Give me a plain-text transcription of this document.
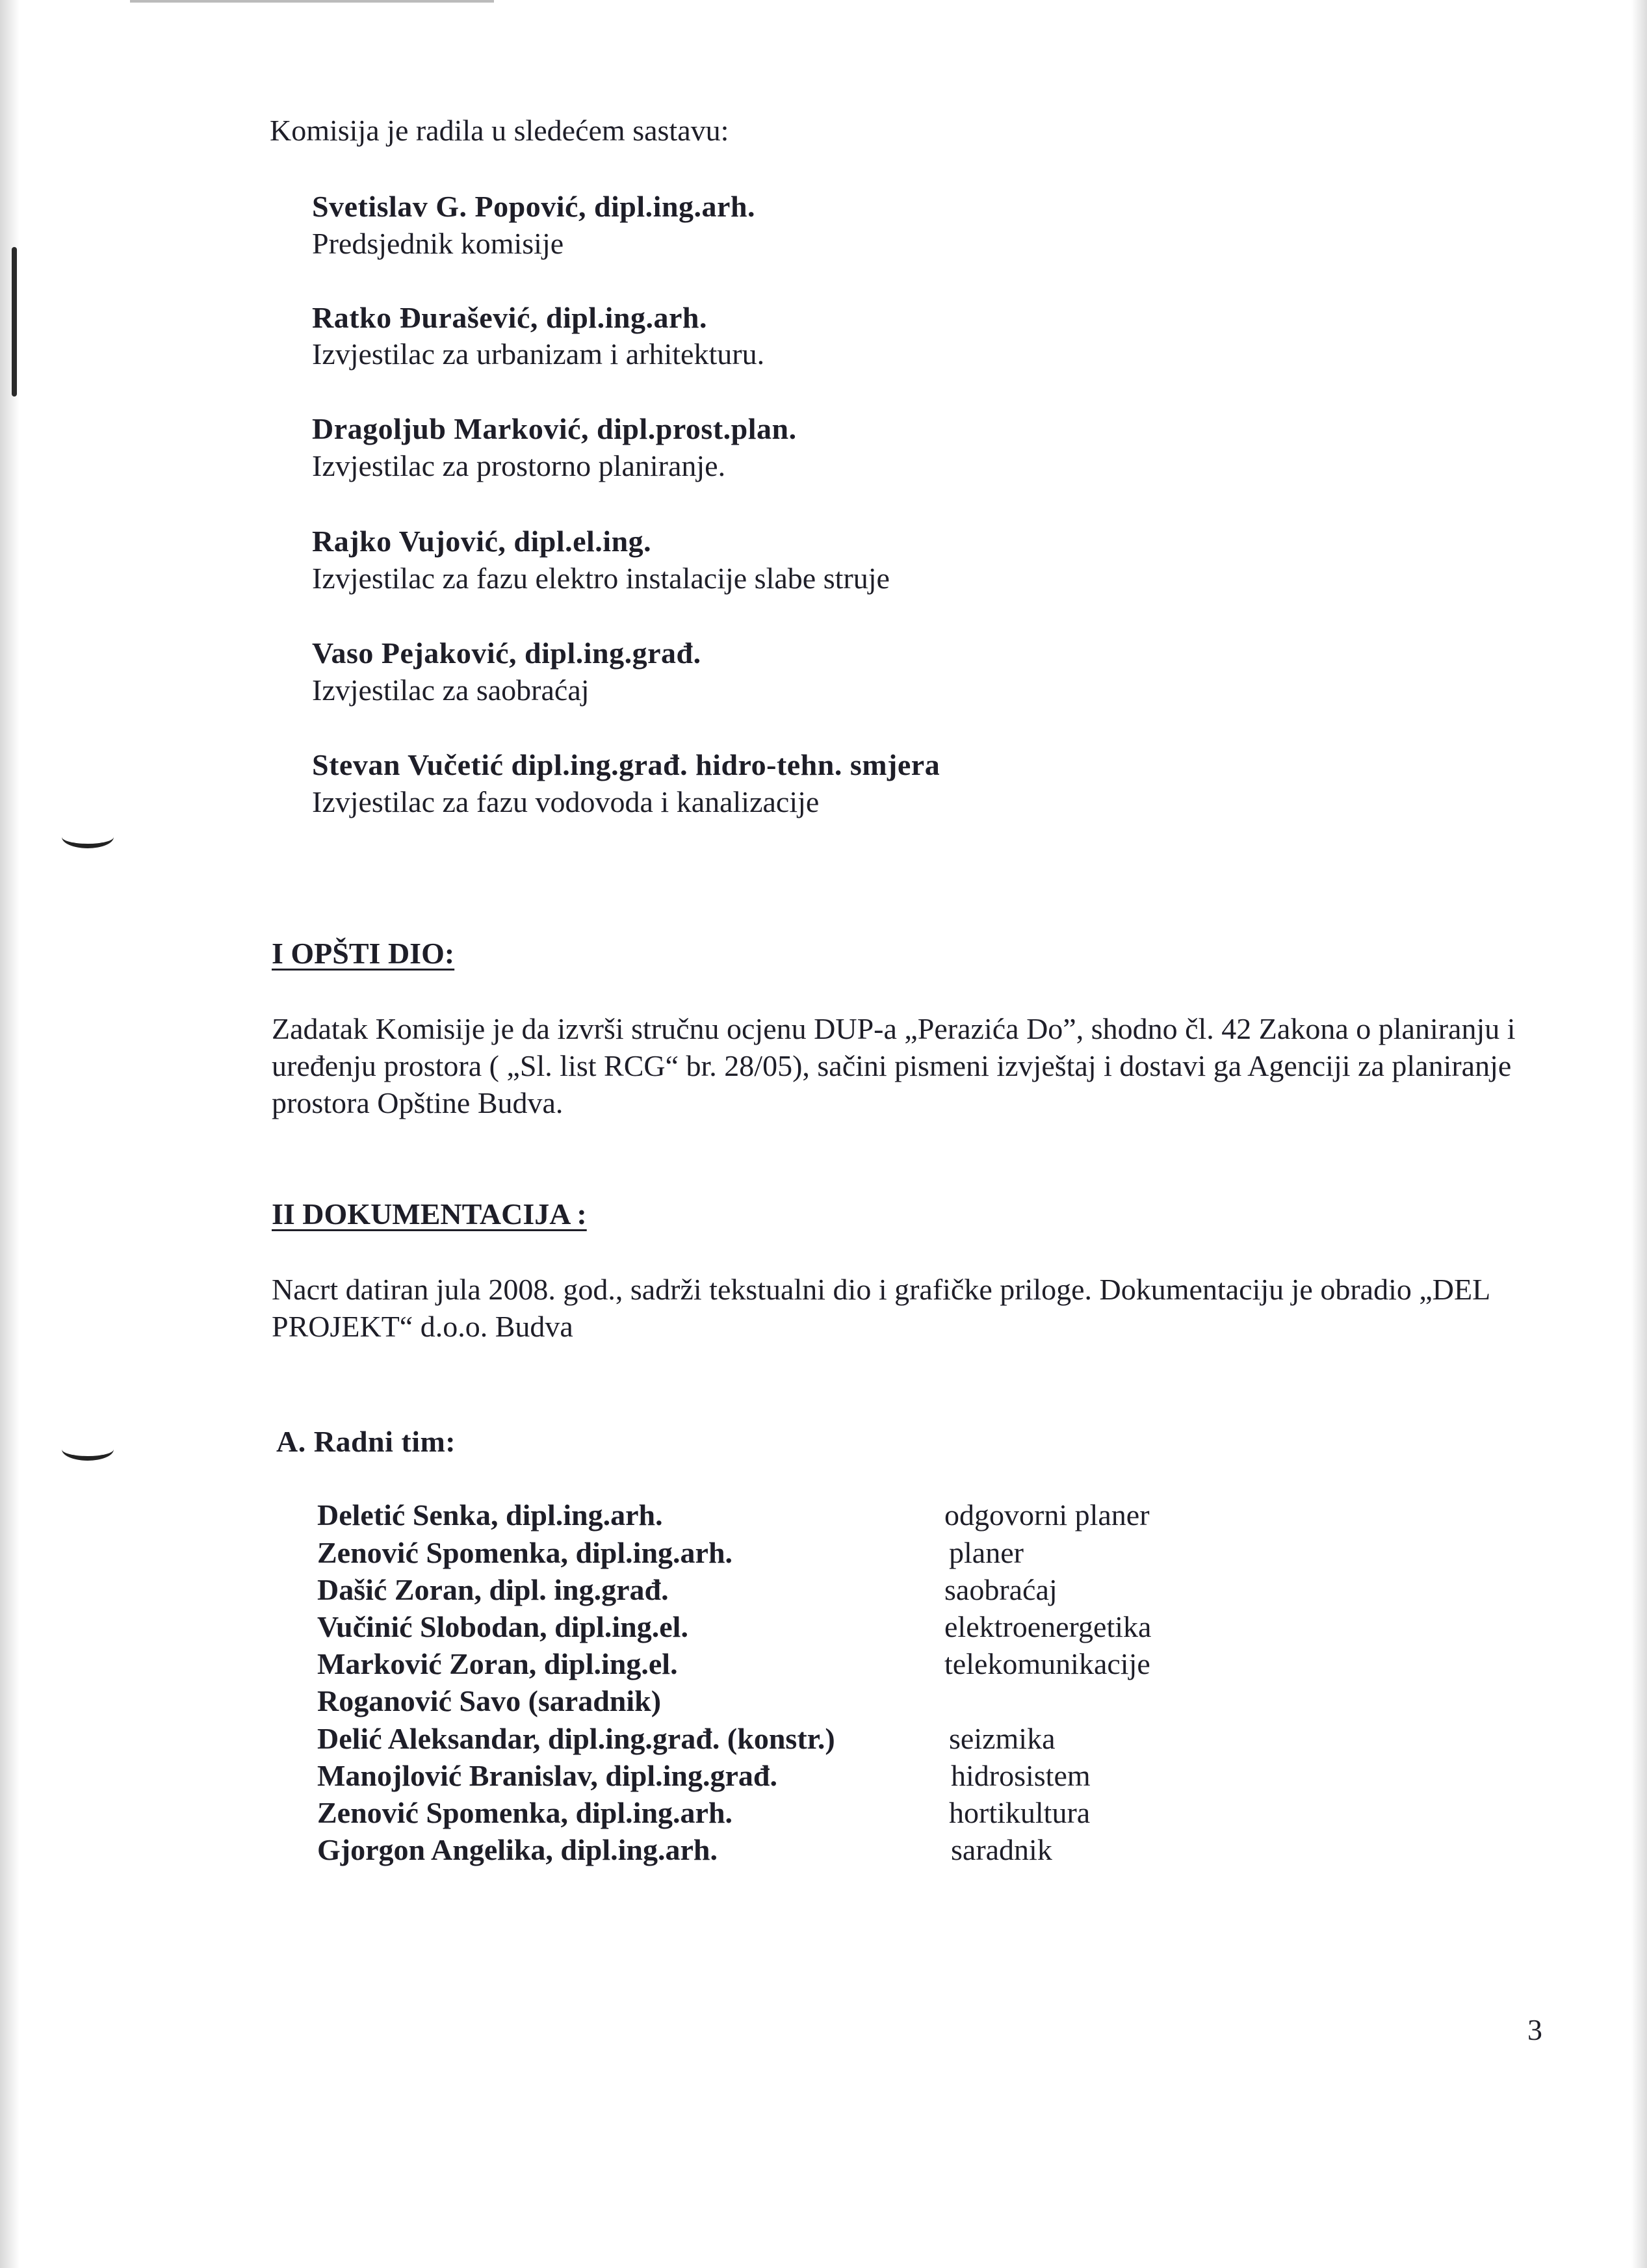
Komisija je radila u sledećem sastavu:
Svetislav G. Popović, dipl.ing.arh.
Predsjednik komisije
Ratko Đurašević, dipl.ing.arh.
Izvjestilac za urbanizam i arhitekturu.
Dragoljub Marković, dipl.prost.plan.
Izvjestilac za prostorno planiranje.
Rajko Vujović, dipl.el.ing.
Izvjestilac za fazu elektro instalacije slabe struje
Vaso Pejaković, dipl.ing.građ.
Izvjestilac za saobraćaj
Stevan Vučetić dipl.ing.građ. hidro-tehn. smjera
Izvjestilac za fazu vodovoda i kanalizacije
I OPŠTI DIO:
Zadatak Komisije je da izvrši stručnu ocjenu DUP-a „Perazića Do”, shodno čl. 42 Zakona o planiranju i uređenju prostora ( „Sl. list RCG“ br. 28/05), sačini pismeni izvještaj i dostavi ga Agenciji za planiranje prostora Opštine Budva.
II DOKUMENTACIJA :
Nacrt datiran jula 2008. god., sadrži tekstualni dio i grafičke priloge. Dokumentaciju je obradio „DEL PROJEKT“ d.o.o. Budva
A. Radni tim:
Deletić Senka, dipl.ing.arh.	odgovorni planer
Zenović Spomenka, dipl.ing.arh.	planer
Dašić Zoran, dipl. ing.građ.	saobraćaj
Vučinić Slobodan, dipl.ing.el.	elektroenergetika
Marković Zoran, dipl.ing.el.	telekomunikacije
Roganović Savo (saradnik)
Delić Aleksandar, dipl.ing.građ. (konstr.)	seizmika
Manojlović Branislav, dipl.ing.građ.	hidrosistem
Zenović Spomenka, dipl.ing.arh.	hortikultura
Gjorgon Angelika, dipl.ing.arh.	saradnik
3
